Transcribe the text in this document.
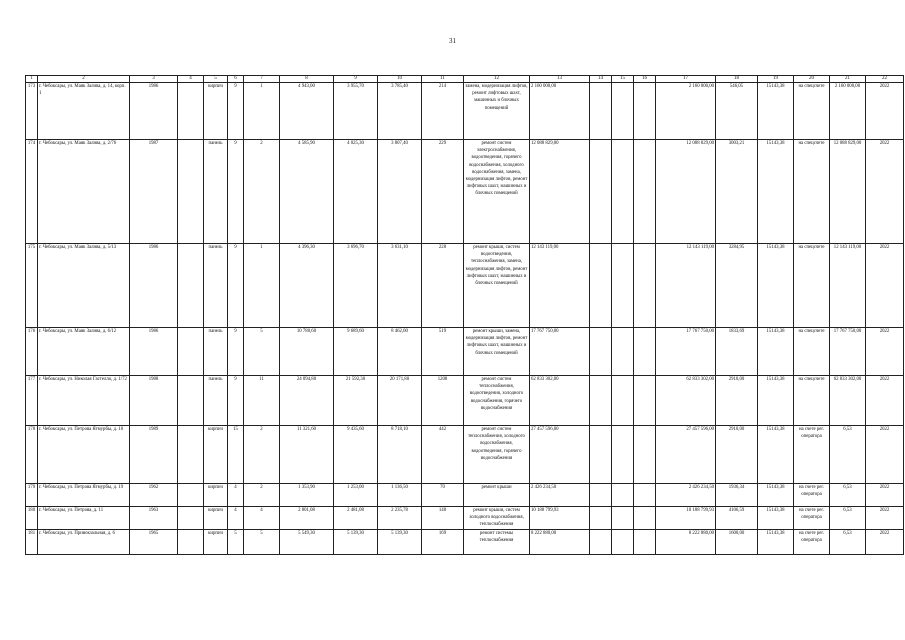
31
1	2	3	4	5	6	7	8	9	10	11	12	13	14	15	16	17	18	19	20	21	22
173	г. Чебоксары, ул. Маяк Залива, д. 14, корп. 1	1986		кирпич	9	1	4 943,00	3 955,70	3 785,40	214	замена, модернизация лифтов, ремонт лифтовых шахт, машинных и блочных помещений	2 160 000,00				2 160 000,00	546,05	15143,38	на спецсчете	2 160 000,00	2022
174	г. Чебоксары, ул. Маяк Залива, д. 2/76	1987		панель	9	2	4 585,90	4 025,30	3 807,40	229	ремонт систем электроснабжения, водоотведения, горячего водоснабжения, холодного водоснабжения, замена, модернизация лифтов, ремонт лифтовых шахт, машинных и блочных помещений	12 088 829,00				12 088 829,00	3003,21	15143,38	на спецсчете	12 088 829,00	2022
175	г. Чебоксары, ул. Маяк Залива, д. 5/13	1986		панель	9	1	4 396,30	3 696,70	3 631,10	228	ремонт крыши, систем водоотведения, теплоснабжения, замена, модернизация лифтов, ремонт лифтовых шахт, машинных и блочных помещений	12 143 119,00				12 143 119,00	3284,95	15143,38	на спецсчете	12 143 119,00	2022
176	г. Чебоксары, ул. Маяк Залива, д. 6/12	1986		панель	9	5	10 780,60	9 689,60	8 462,00	519	ремонт крыши, замена, модернизация лифтов, ремонт лифтовых шахт, машинных и блочных помещений	17 767 750,00				17 767 750,00	1833,69	15143,38	на спецсчете	17 767 750,00	2022
177	г. Чебоксары, ул. Николая Гастелло, д. 1/72	1988		панель	9	11	24 094,80	21 592,30	20 171,80	1208	ремонт систем теплоснабжения, водоотведения, холодного водоснабжения, горячего водоснабжения	62 833 302,00				62 833 302,00	2910,00	15143,38	на спецсчете	62 833 302,00	2022
178	г. Чебоксары, ул. Петрова Ягмурбы, д. 10	1989		кирпич	15	2	11 321,60	9 435,60	8 718,10	442	ремонт систем теплоснабжения, холодного водоснабжения, водоотведения, горячего водоснабжения	27 457 596,00				27 457 596,00	2910,00	15143,38	на счете рег. оператора	6,53	2022
179	г. Чебоксары, ул. Петрова Ягмурбы, д. 19	1962		кирпич	4	2	1 353,90	1 253,00	1 136,50	70	ремонт крыши	2 426 234,50				2 426 234,50	1936,34	15143,38	на счете рег. оператора	6,53	2022
180	г. Чебоксары, ул. Петрова, д. 11	1963		кирпич	4	4	2 801,08	2 481,08	2 235,78	148	ремонт крыши, систем холодного водоснабжения, теплоснабжения	10 188 799,93				10 188 799,93	4106,59	15143,38	на счете рег. оператора	6,53	2022
181	г. Чебоксары, ул. Привокзальная, д. 6	1965		кирпич	5	5	5 549,30	5 139,30	5 139,30	169	ремонт системы теплоснабжения	8 222 880,00				8 222 880,00	1600,00	15143,38	на счете рег. оператора	6,53	2022
